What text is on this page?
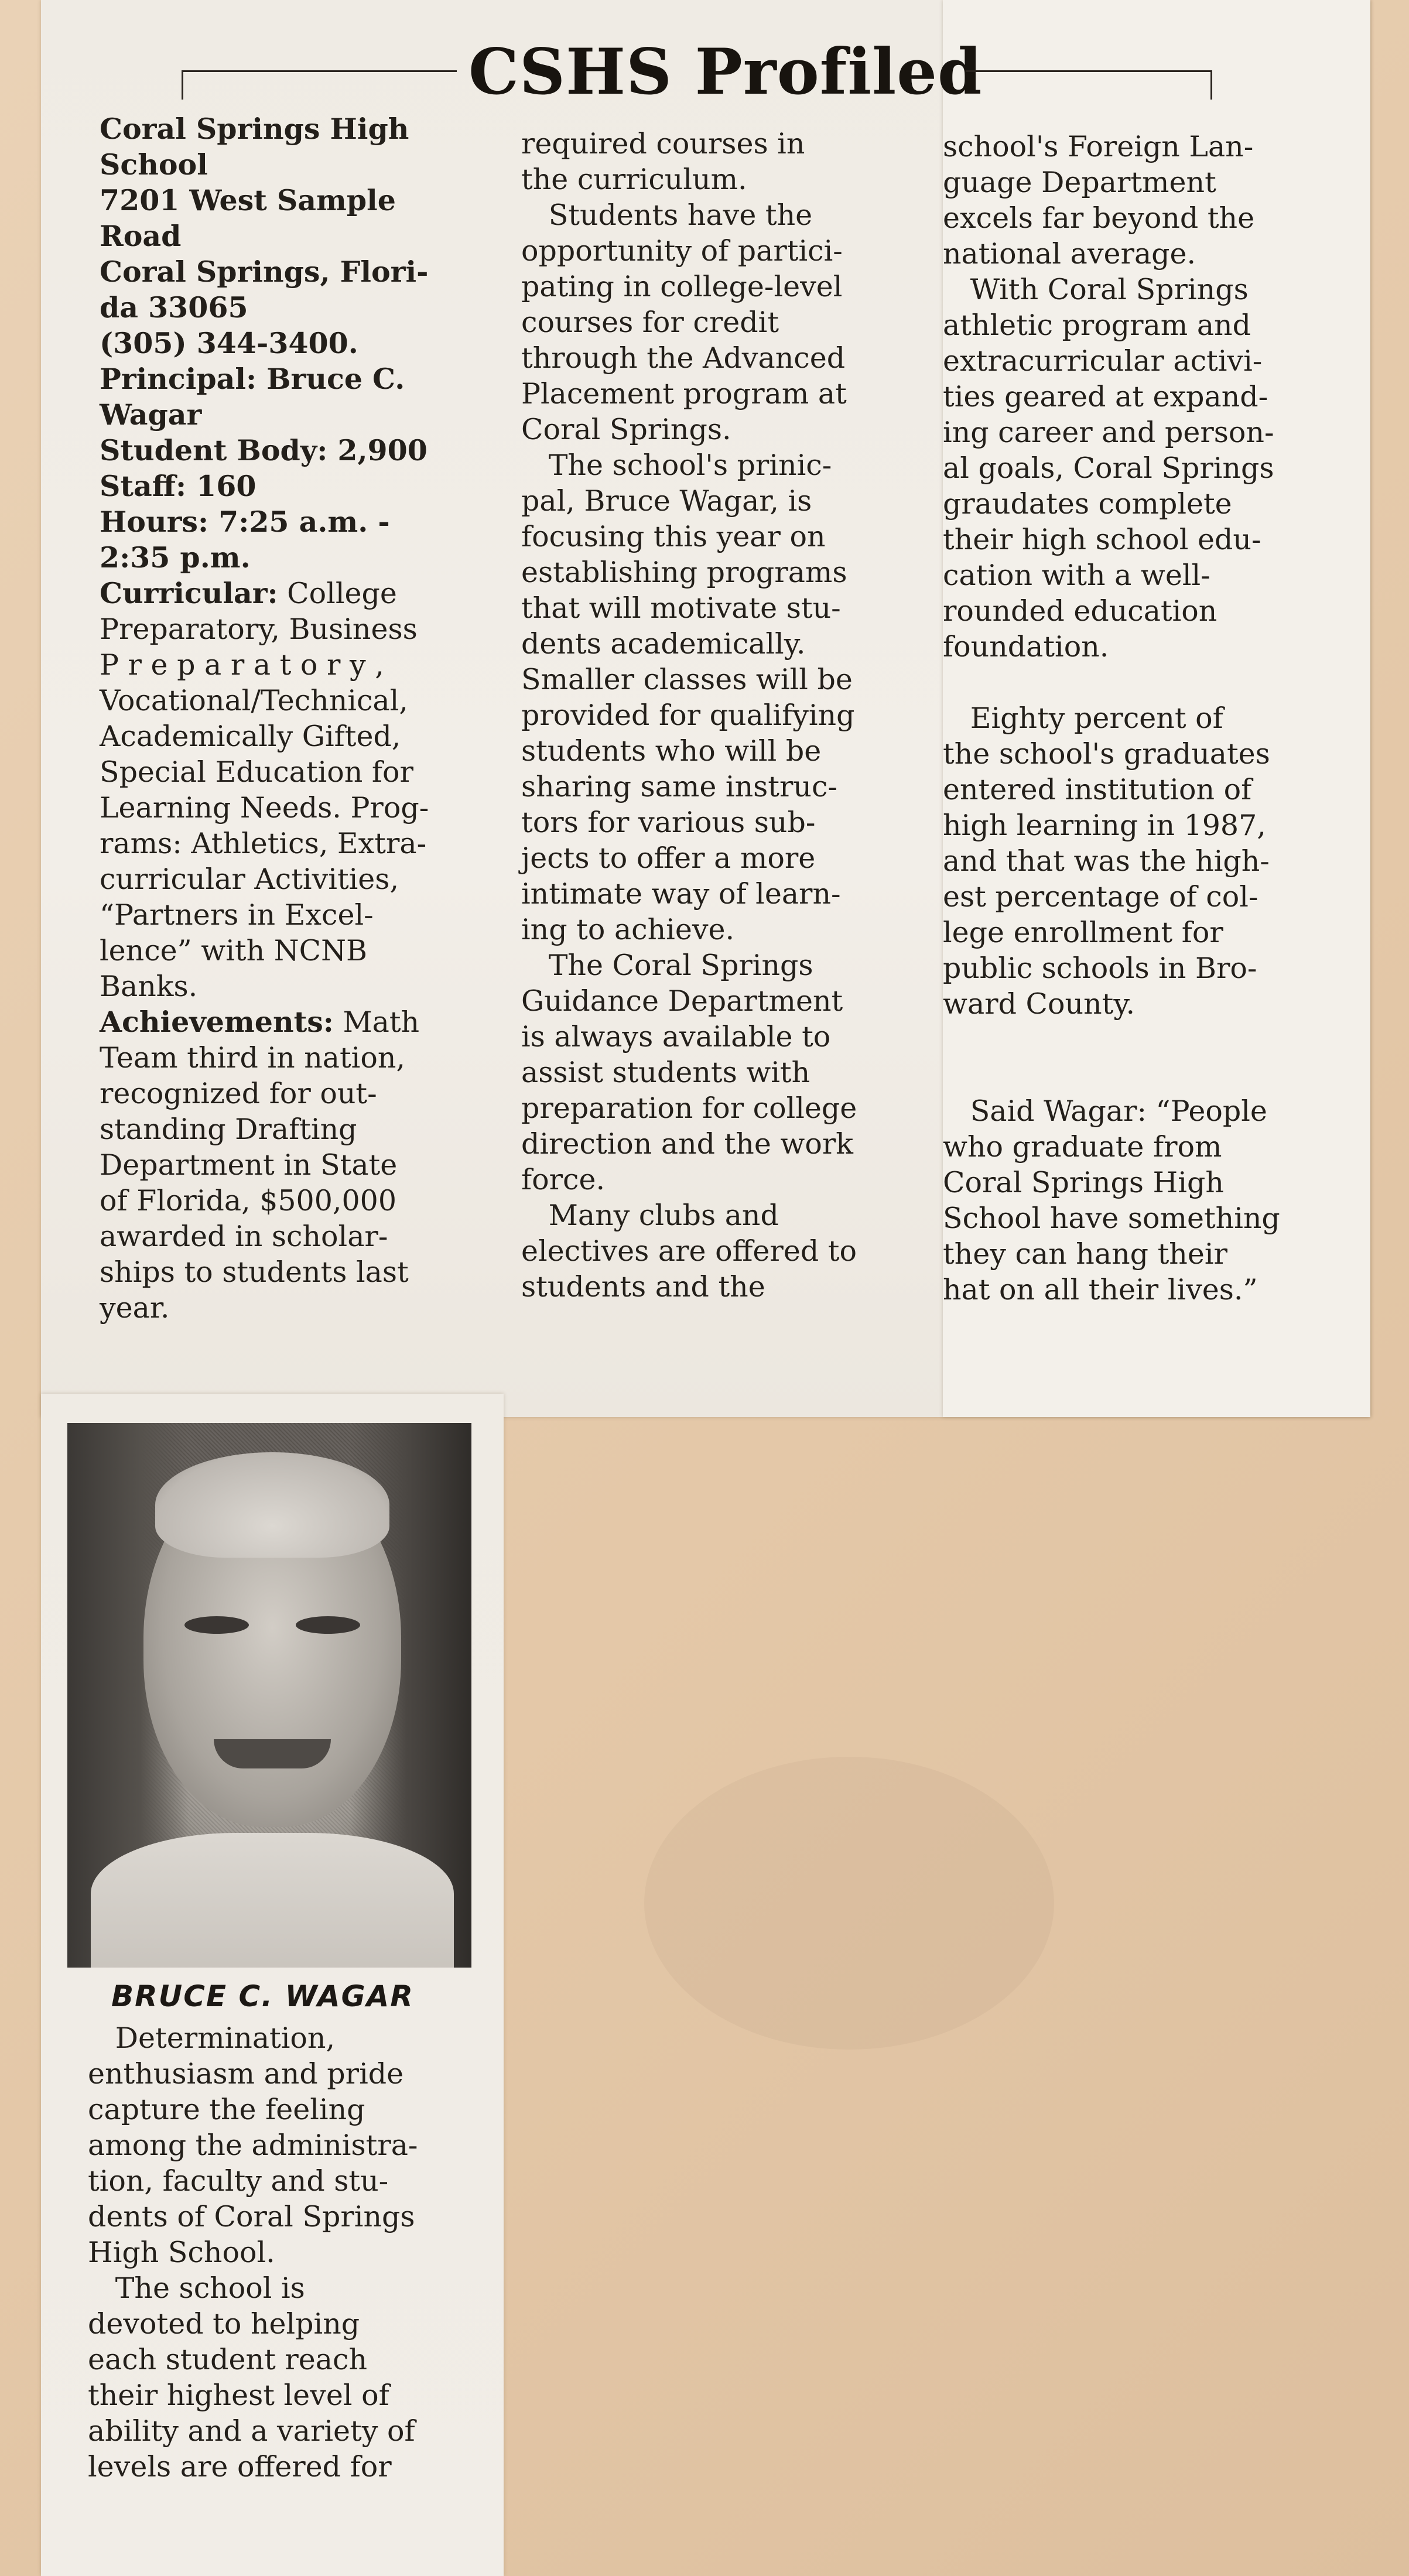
CSHS Profiled
Coral Springs High
School
7201 West Sample
Road
Coral Springs, Flori-
da 33065
(305) 344-3400.
Principal: Bruce C.
Wagar
Student Body: 2,900
Staff: 160
Hours: 7:25 a.m. -
2:35 p.m.
Curricular: College
Preparatory, Business
P r e p a r a t o r y ,
Vocational/Technical,
Academically Gifted,
Special Education for
Learning Needs. Prog-
rams: Athletics, Extra-
curricular Activities,
“Partners in Excel-
lence” with NCNB
Banks.
Achievements: Math
Team third in nation,
recognized for out-
standing Drafting
Department in State
of Florida, $500,000
awarded in scholar-
ships to students last
year.
required courses in
the curriculum.
Students have the
opportunity of partici-
pating in college-level
courses for credit
through the Advanced
Placement program at
Coral Springs.
The school's prinic-
pal, Bruce Wagar, is
focusing this year on
establishing programs
that will motivate stu-
dents academically.
Smaller classes will be
provided for qualifying
students who will be
sharing same instruc-
tors for various sub-
jects to offer a more
intimate way of learn-
ing to achieve.
The Coral Springs
Guidance Department
is always available to
assist students with
preparation for college
direction and the work
force.
Many clubs and
electives are offered to
students and the
school's Foreign Lan-
guage Department
excels far beyond the
national average.
With Coral Springs
athletic program and
extracurricular activi-
ties geared at expand-
ing career and person-
al goals, Coral Springs
graudates complete
their high school edu-
cation with a well-
rounded education
foundation.

Eighty percent of
the school's graduates
entered institution of
high learning in 1987,
and that was the high-
est percentage of col-
lege enrollment for
public schools in Bro-
ward County.

Said Wagar: “People
who graduate from
Coral Springs High
School have something
they can hang their
hat on all their lives.”
BRUCE C. WAGAR
Determination,
enthusiasm and pride
capture the feeling
among the administra-
tion, faculty and stu-
dents of Coral Springs
High School.
The school is
devoted to helping
each student reach
their highest level of
ability and a variety of
levels are offered for
